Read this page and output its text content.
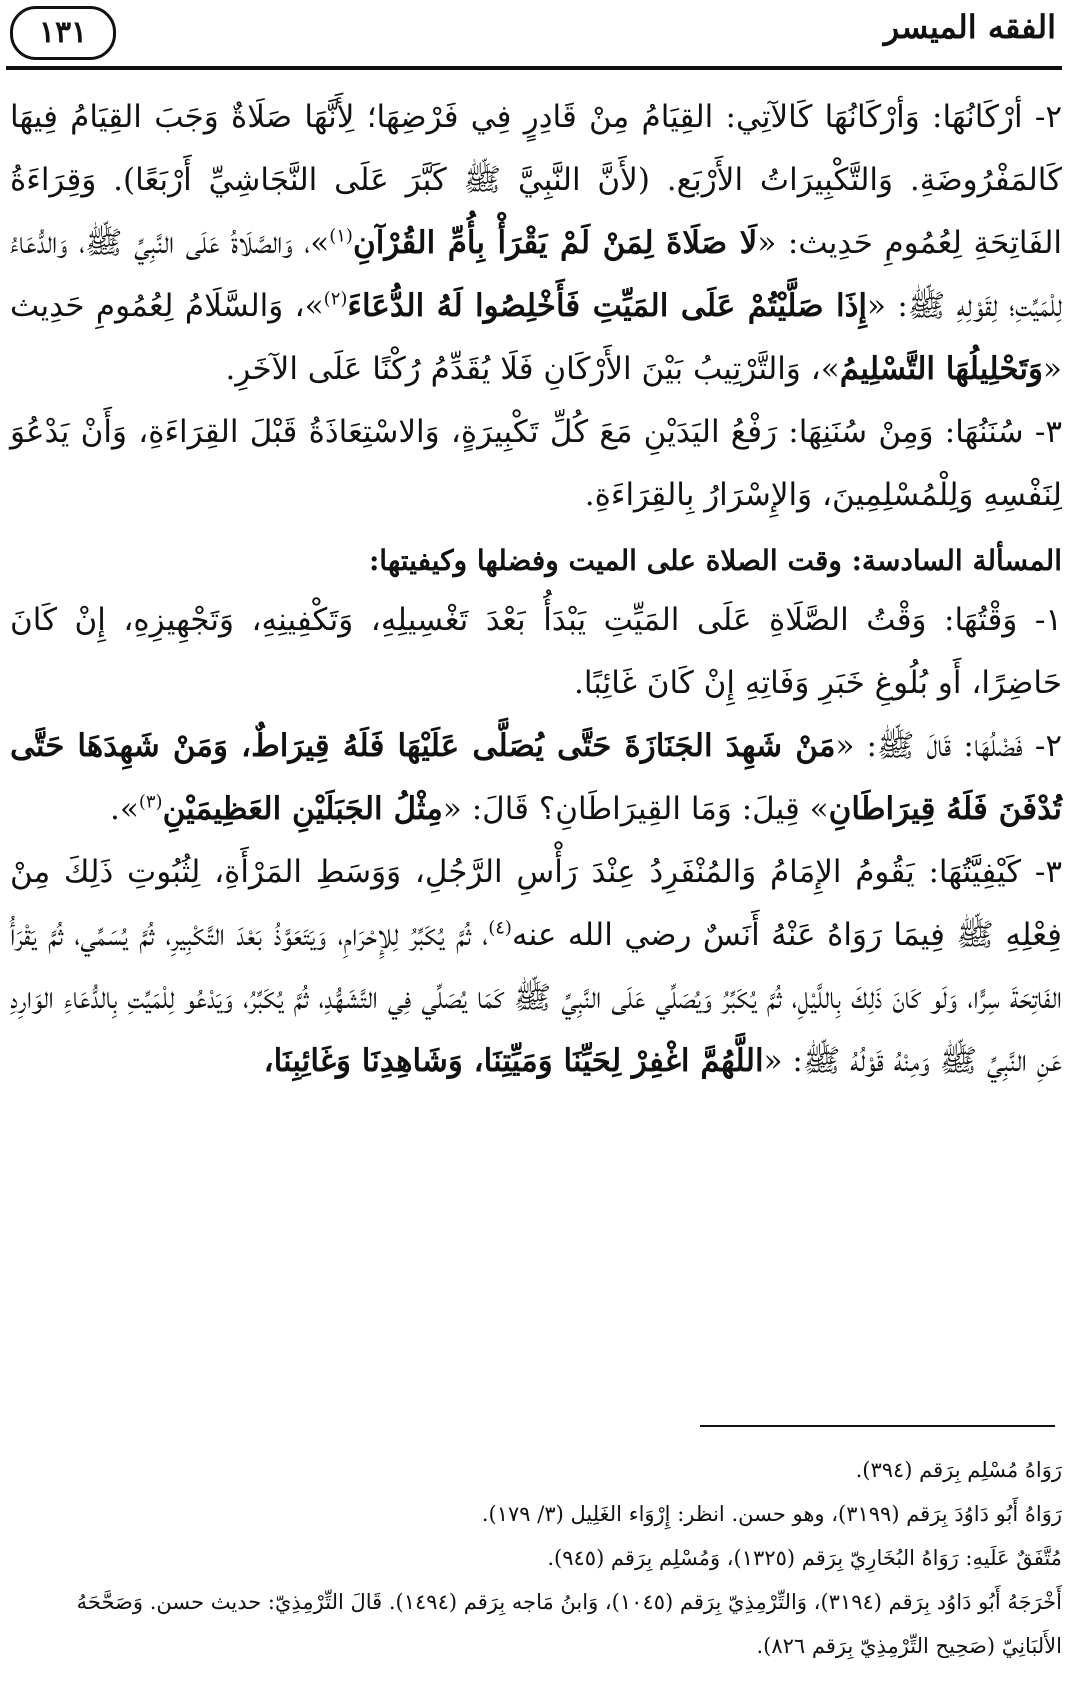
١٣١	الفقه الميسر

٢- أرْكَانُهَا: وَأرْكَانُهَا كَالآتِي: القِيَامُ مِنْ قَادِرٍ فِي فَرْضِهَا؛ لِأَنَّهَا صَلَاةٌ وَجَبَ القِيَامُ فِيهَا كَالمَفْرُوضَةِ. وَالتَّكْبِيرَاتُ الأَرْبَع. (لأَنَّ النَّبِيَّ ﷺ كَبَّرَ عَلَى النَّجَاشِيِّ أَرْبَعًا). وَقِرَاءَةُ الفَاتِحَةِ لِعُمُومِ حَدِيث: «لَا صَلَاةَ لِمَنْ لَمْ يَقْرَأْ بِأُمِّ القُرْآنِ$^{(١)}$»، وَالصَّلَاةُ عَلَى النَّبِيِّ ﷺ، وَالدُّعَاءُ لِلْمَيِّتِ؛ لِقَوْلِهِ ﷺ: «إِذَا صَلَّيْتُمْ عَلَى المَيِّتِ فَأَخْلِصُوا لَهُ الدُّعَاءَ$^{(٢)}$»، وَالسَّلَامُ لِعُمُومِ حَدِيث «وَتَحْلِيلُهَا التَّسْلِيمُ»، وَالتَّرْتِيبُ بَيْنَ الأَرْكَانِ فَلَا يُقَدِّمُ رُكْنًا عَلَى الآخَرِ.

٣- سُنَنُهَا: وَمِنْ سُنَنِهَا: رَفْعُ اليَدَيْنِ مَعَ كُلِّ تَكْبِيرَةٍ، وَالاسْتِعَاذَةُ قَبْلَ القِرَاءَةِ، وَأَنْ يَدْعُوَ لِنَفْسِهِ وَلِلْمُسْلِمِينَ، وَالإِسْرَارُ بِالقِرَاءَةِ.

المسألة السادسة: وقت الصلاة على الميت وفضلها وكيفيتها:

١- وَقْتُهَا: وَقْتُ الصَّلَاةِ عَلَى المَيِّتِ يَبْدَأُ بَعْدَ تَغْسِيلِهِ، وَتَكْفِينِهِ، وَتَجْهِيزِهِ، إِنْ كَانَ حَاضِرًا، أَو بُلُوغِ خَبَرِ وَفَاتِهِ إِنْ كَانَ غَائِبًا.

٢- فَضْلُهَا: قَالَ ﷺ: «مَنْ شَهِدَ الجَنَازَةَ حَتَّى يُصَلَّى عَلَيْهَا فَلَهُ قِيرَاطٌ، وَمَنْ شَهِدَهَا حَتَّى تُدْفَنَ فَلَهُ قِيرَاطَانِ» قِيلَ: وَمَا القِيرَاطَانِ؟ قَالَ: «مِثْلُ الجَبَلَيْنِ العَظِيمَيْنِ$^{(٣)}$».

٣- كَيْفِيَّتُهَا: يَقُومُ الإِمَامُ وَالمُنْفَرِدُ عِنْدَ رَأْسِ الرَّجُلِ، وَوَسَطِ المَرْأَةِ، لِثُبُوتِ ذَلِكَ مِنْ فِعْلِهِ ﷺ فِيمَا رَوَاهُ عَنْهُ أَنَسٌ رضي الله عنه$^{(٤)}$، ثُمَّ يُكَبِّرُ لِلإِحْرَامِ، وَيَتَعَوَّذُ بَعْدَ التَّكْبِيرِ، ثُمَّ يُسَمِّي، ثُمَّ يَقْرَأُ الفَاتِحَةَ سِرًّا، وَلَو كَانَ ذَلِكَ بِاللَّيْلِ، ثُمَّ يُكَبِّرُ وَيُصَلِّي عَلَى النَّبِيِّ ﷺ كَمَا يُصَلِّي فِي التَّشَهُّدِ، ثُمَّ يُكَبِّرُ، وَيَدْعُو لِلْمَيِّتِ بِالدُّعَاءِ الوَارِدِ عَنِ النَّبِيِّ ﷺ وَمِنْهُ قَوْلُهُ ﷺ: «اللَّهُمَّ اغْفِرْ لِحَيِّنَا وَمَيِّتِنَا، وَشَاهِدِنَا وَغَائِبِنَا،

رَوَاهُ مُسْلِم بِرَقم (٣٩٤).

رَوَاهُ أَبُو دَاوُدَ بِرَقم (٣١٩٩)، وهو حسن. انظر: إِرْوَاء الغَلِيل (٣/ ١٧٩).

مُتَّفَقٌ عَلَيهِ: رَوَاهُ البُخَارِيّ بِرَقم (١٣٢٥)، وَمُسْلِم بِرَقم (٩٤٥).

أَخْرَجَهُ أَبُو دَاوُد بِرَقم (٣١٩٤)، وَالتِّرْمِذِيّ بِرَقم (١٠٤٥)، وَابنُ مَاجه بِرَقم (١٤٩٤). قَالَ التِّرْمِذِيّ: حديث حسن. وَصَحَّحَهُ الأَلبَانِيّ (صَحِيح التِّرْمِذِيّ بِرَقم ٨٢٦).
